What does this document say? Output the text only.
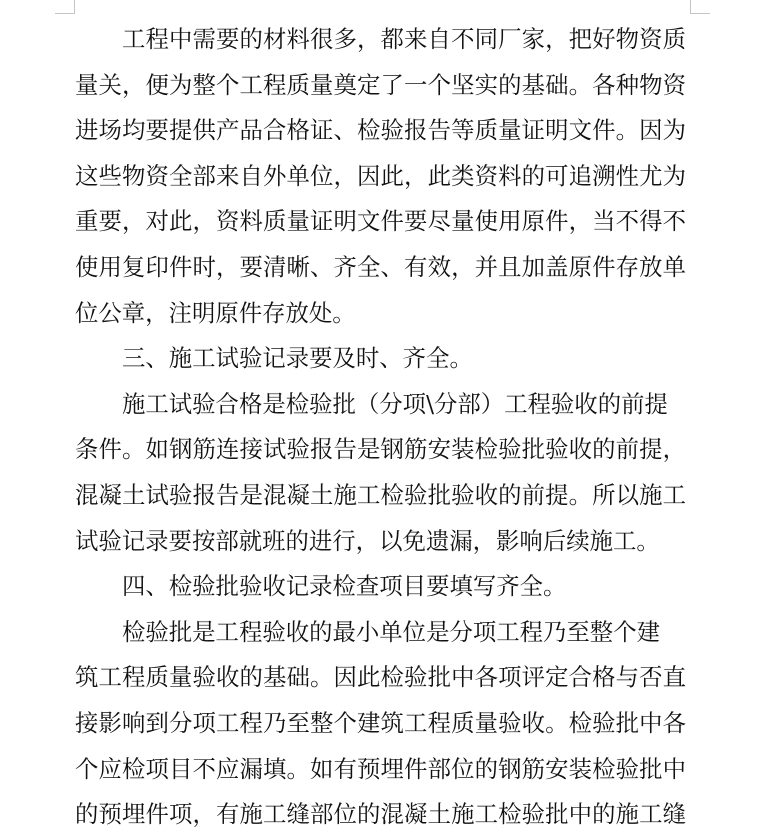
工程中需要的材料很多，都来自不同厂家，把好物资质
量关，便为整个工程质量奠定了一个坚实的基础。各种物资
进场均要提供产品合格证、检验报告等质量证明文件。因为
这些物资全部来自外单位，因此，此类资料的可追溯性尤为
重要，对此，资料质量证明文件要尽量使用原件，当不得不
使用复印件时，要清晰、齐全、有效，并且加盖原件存放单
位公章，注明原件存放处。
三、施工试验记录要及时、齐全。
施工试验合格是检验批（分项\分部）工程验收的前提
条件。如钢筋连接试验报告是钢筋安装检验批验收的前提，
混凝土试验报告是混凝土施工检验批验收的前提。所以施工
试验记录要按部就班的进行，以免遗漏，影响后续施工。
四、检验批验收记录检查项目要填写齐全。
检验批是工程验收的最小单位是分项工程乃至整个建
筑工程质量验收的基础。因此检验批中各项评定合格与否直
接影响到分项工程乃至整个建筑工程质量验收。检验批中各
个应检项目不应漏填。如有预埋件部位的钢筋安装检验批中
的预埋件项，有施工缝部位的混凝土施工检验批中的施工缝
